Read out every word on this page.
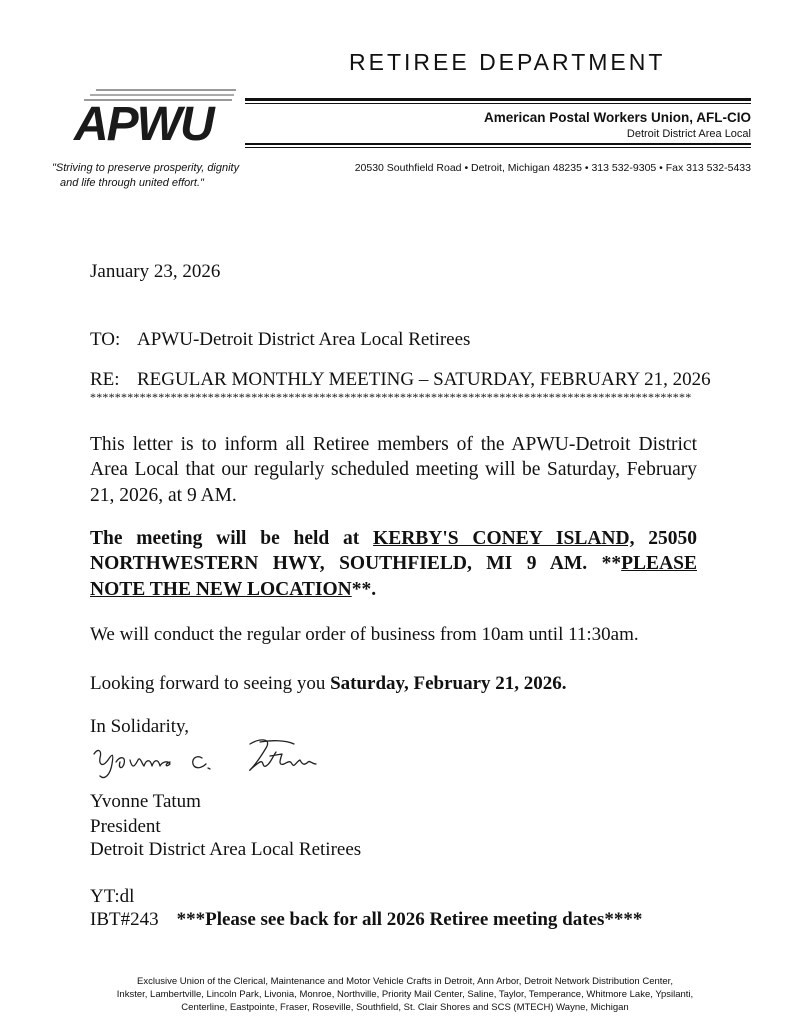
RETIREE DEPARTMENT
APWU	American Postal Workers Union, AFL-CIO
Detroit District Area Local
"Striving to preserve prosperity, dignity
and life through united effort."
20530 Southfield Road • Detroit, Michigan 48235 • 313 532-9305 • Fax 313 532-5433
January 23, 2026
TO: APWU-Detroit District Area Local Retirees
RE: REGULAR MONTHLY MEETING – SATURDAY, FEBRUARY 21, 2026
*************************************************************************************************
This letter is to inform all Retiree members of the APWU-Detroit District Area Local that our regularly scheduled meeting will be Saturday, February 21, 2026, at 9 AM.
The meeting will be held at KERBY'S CONEY ISLAND, 25050 NORTHWESTERN HWY, SOUTHFIELD, MI 9 AM. **PLEASE NOTE THE NEW LOCATION**.
We will conduct the regular order of business from 10am until 11:30am.
Looking forward to seeing you Saturday, February 21, 2026.
In Solidarity,
Yvonne Tatum
President
Detroit District Area Local Retirees
YT:dl
IBT#243 ***Please see back for all 2026 Retiree meeting dates****
Exclusive Union of the Clerical, Maintenance and Motor Vehicle Crafts in Detroit, Ann Arbor, Detroit Network Distribution Center,
Inkster, Lambertville, Lincoln Park, Livonia, Monroe, Northville, Priority Mail Center, Saline, Taylor, Temperance, Whitmore Lake, Ypsilanti,
Centerline, Eastpointe, Fraser, Roseville, Southfield, St. Clair Shores and SCS (MTECH) Wayne, Michigan
